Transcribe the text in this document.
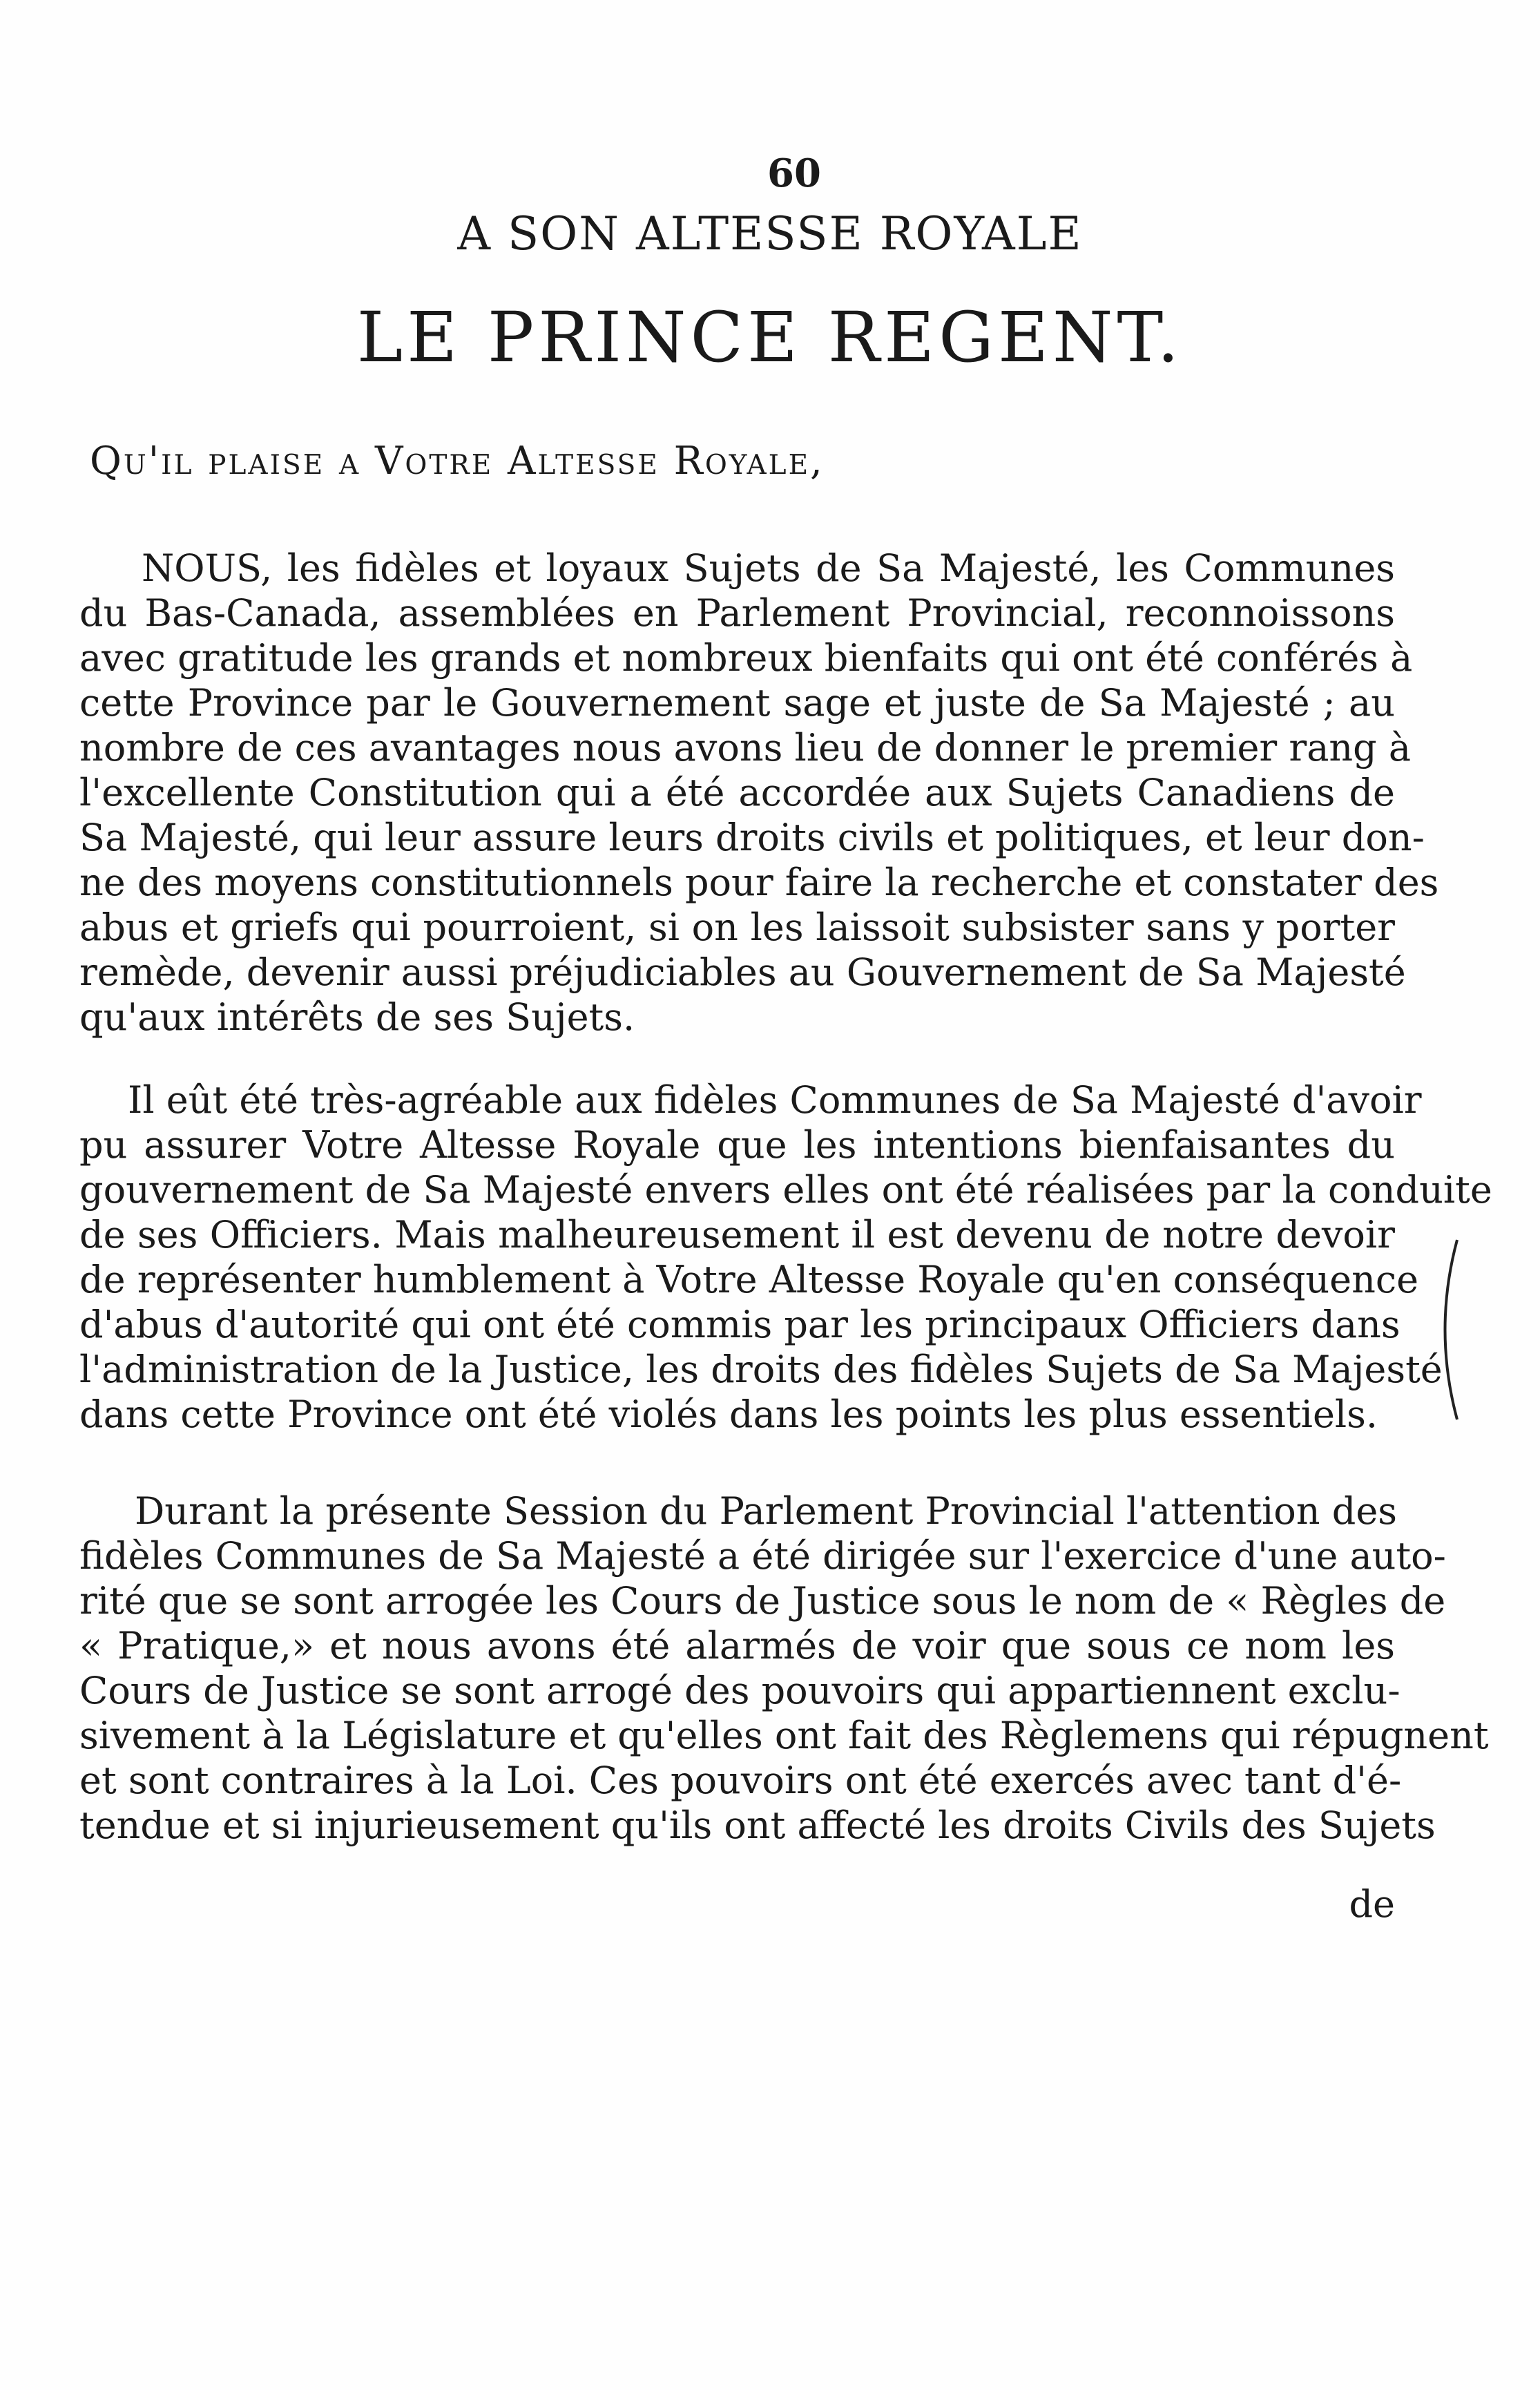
60
A SON ALTESSE ROYALE
LE PRINCE REGENT.
Qu'il plaise a Votre Altesse Royale,
NOUS, les fidèles et loyaux Sujets de Sa Majesté, les Communes
du Bas-Canada, assemblées en Parlement Provincial, reconnoissons
avec gratitude les grands et nombreux bienfaits qui ont été conférés à
cette Province par le Gouvernement sage et juste de Sa Majesté ; au
nombre de ces avantages nous avons lieu de donner le premier rang à
l'excellente Constitution qui a été accordée aux Sujets Canadiens de
Sa Majesté, qui leur assure leurs droits civils et politiques, et leur don-
ne des moyens constitutionnels pour faire la recherche et constater des
abus et griefs qui pourroient, si on les laissoit subsister sans y porter
remède, devenir aussi préjudiciables au Gouvernement de Sa Majesté
qu'aux intérêts de ses Sujets.
Il eût été très-agréable aux fidèles Communes de Sa Majesté d'avoir
pu assurer Votre Altesse Royale que les intentions bienfaisantes du
gouvernement de Sa Majesté envers elles ont été réalisées par la conduite
de ses Officiers. Mais malheureusement il est devenu de notre devoir
de représenter humblement à Votre Altesse Royale qu'en conséquence
d'abus d'autorité qui ont été commis par les principaux Officiers dans
l'administration de la Justice, les droits des fidèles Sujets de Sa Majesté
dans cette Province ont été violés dans les points les plus essentiels.
Durant la présente Session du Parlement Provincial l'attention des
fidèles Communes de Sa Majesté a été dirigée sur l'exercice d'une auto-
rité que se sont arrogée les Cours de Justice sous le nom de « Règles de
« Pratique,» et nous avons été alarmés de voir que sous ce nom les
Cours de Justice se sont arrogé des pouvoirs qui appartiennent exclu-
sivement à la Législature et qu'elles ont fait des Règlemens qui répugnent
et sont contraires à la Loi. Ces pouvoirs ont été exercés avec tant d'é-
tendue et si injurieusement qu'ils ont affecté les droits Civils des Sujets
de
